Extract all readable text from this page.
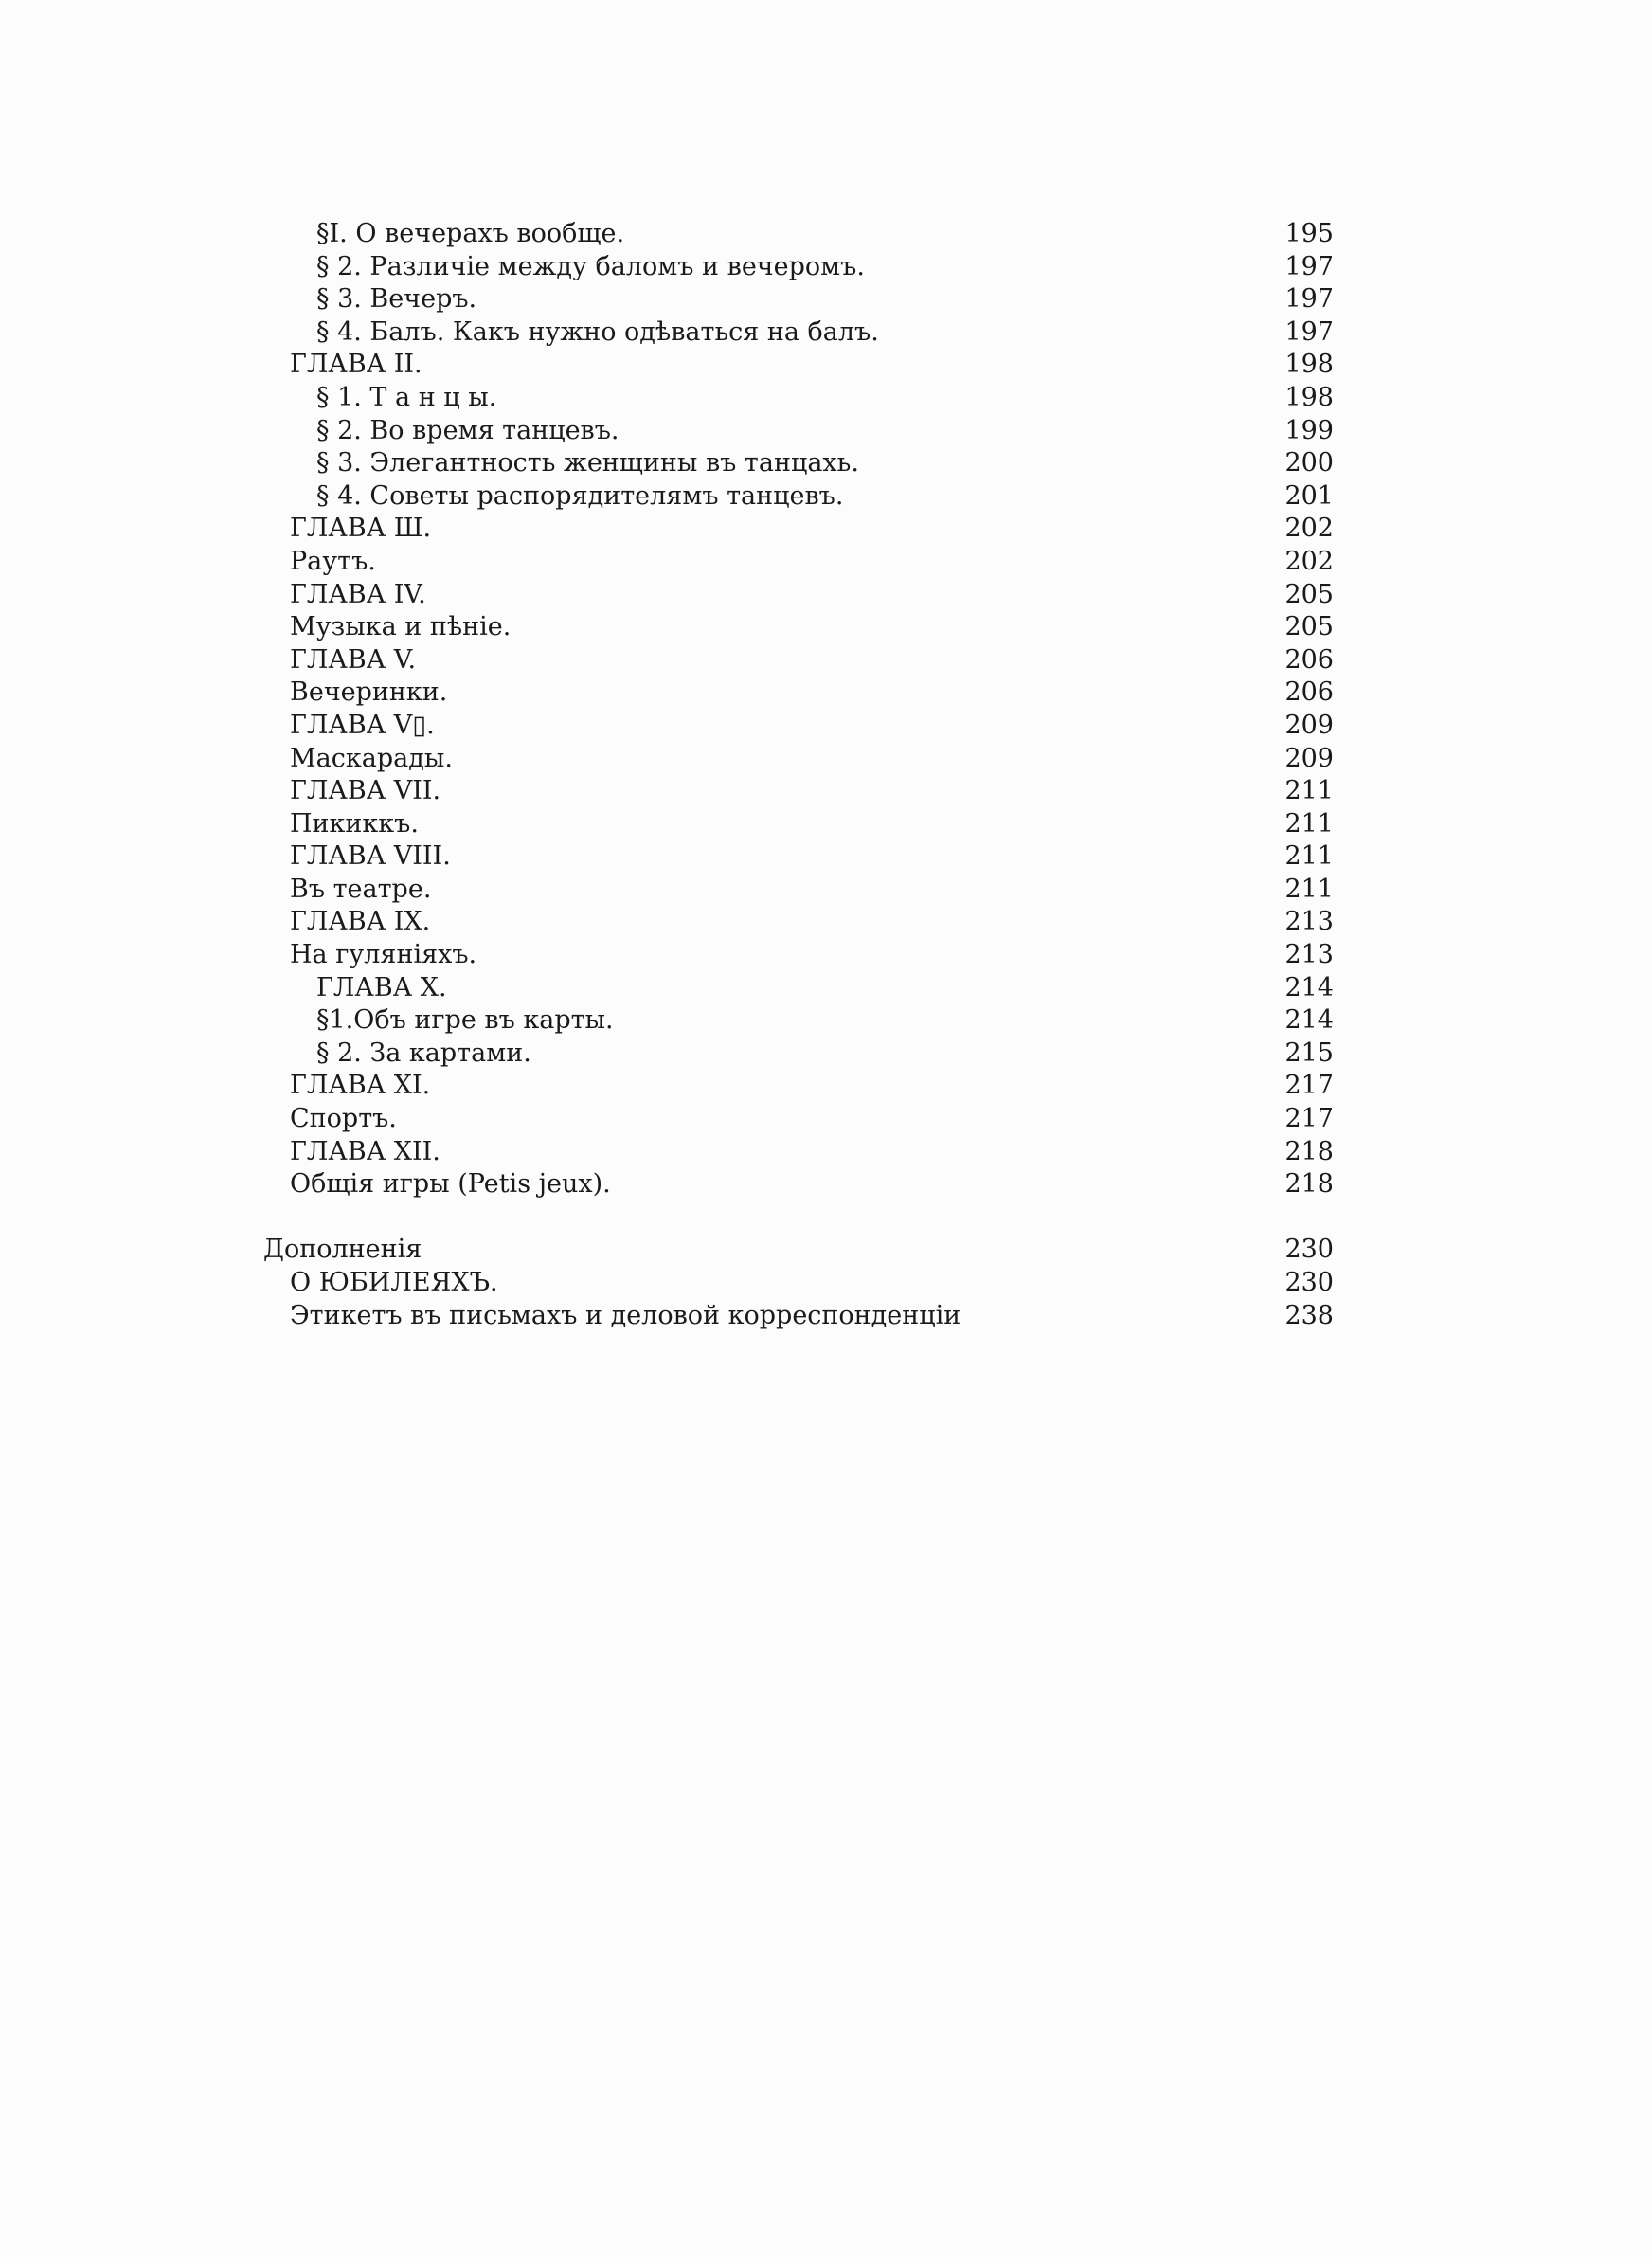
§I. О вечерахъ вообще.	195
§ 2. Различіе между баломъ и вечеромъ.	197
§ 3. Вечеръ.	197
§ 4. Балъ. Какъ нужно одѣваться на балъ.	197
ГЛАВА II.	198
§ 1. Т а н ц ы.	198
§ 2. Во время танцевъ.	199
§ 3. Элегантность женщины въ танцахь.	200
§ 4. Советы распорядителямъ танцевъ.	201
ГЛАВА Ш.	202
Раутъ.	202
ГЛАВА IV.	205
Музыка и пѣніе.	205
ГЛАВА V.	206
Вечеринки.	206
ГЛАВА V▯.	209
Маскарады.	209
ГЛАВА VII.	211
Пикиккъ.	211
ГЛАВА VIII.	211
Въ театре.	211
ГЛАВА IX.	213
На гуляніяхъ.	213
ГЛАВА X.	214
§1.Объ игре въ карты.	214
§ 2. За картами.	215
ГЛАВА XI.	217
Спортъ.	217
ГЛАВА XII.	218
Общія игры (Petis jeux).	218
Дополненія	230
О ЮБИЛЕЯХЪ.	230
Этикетъ въ письмахъ и деловой корреспонденціи	238
